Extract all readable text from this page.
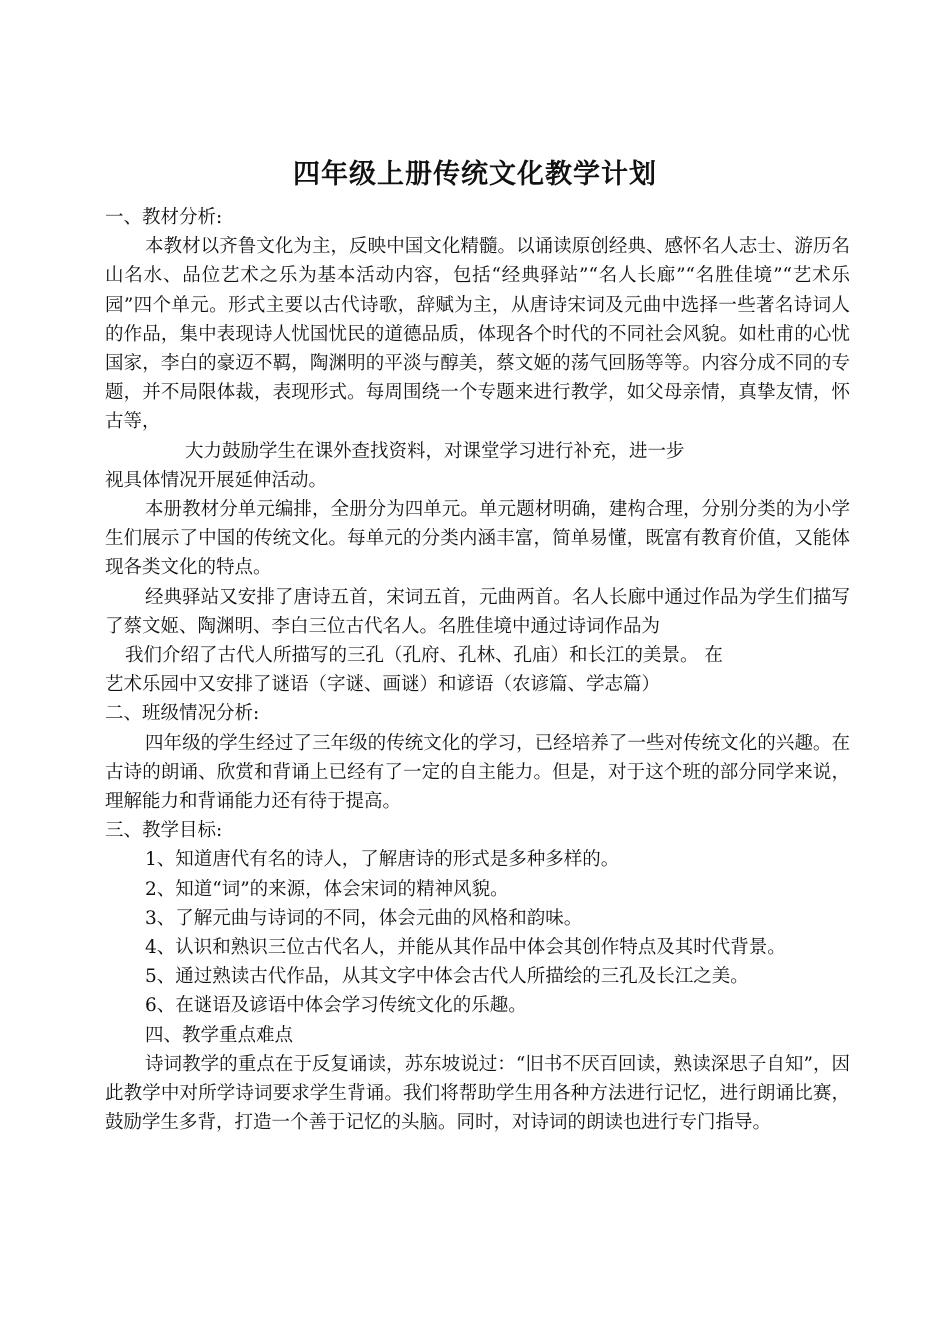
四年级上册传统文化教学计划

一、教材分析:

本教材以齐鲁文化为主，反映中国文化精髓。以诵读原创经典、感怀名人志士、游历名山名水、品位艺术之乐为基本活动内容，包括“经典驿站”“名人长廊”“名胜佳境”“艺术乐园”四个单元。形式主要以古代诗歌，辞赋为主，从唐诗宋词及元曲中选择一些著名诗词人的作品，集中表现诗人忧国忧民的道德品质，体现各个时代的不同社会风貌。如杜甫的心忧国家，李白的豪迈不羁，陶渊明的平淡与醇美，蔡文姬的荡气回肠等等。内容分成不同的专题，并不局限体裁，表现形式。每周围绕一个专题来进行教学，如父母亲情，真挚友情，怀古等，

大力鼓励学生在课外查找资料，对课堂学习进行补充，进一步

视具体情况开展延伸活动。

本册教材分单元编排，全册分为四单元。单元题材明确，建构合理，分别分类的为小学生们展示了中国的传统文化。每单元的分类内涵丰富，简单易懂，既富有教育价值，又能体现各类文化的特点。

经典驿站又安排了唐诗五首，宋词五首，元曲两首。名人长廊中通过作品为学生们描写了蔡文姬、陶渊明、李白三位古代名人。名胜佳境中通过诗词作品为

我们介绍了古代人所描写的三孔（孔府、孔林、孔庙）和长江的美景。 在

艺术乐园中又安排了谜语（字谜、画谜）和谚语（农谚篇、学志篇）

二、班级情况分析:

四年级的学生经过了三年级的传统文化的学习，已经培养了一些对传统文化的兴趣。在古诗的朗诵、欣赏和背诵上已经有了一定的自主能力。但是，对于这个班的部分同学来说，理解能力和背诵能力还有待于提高。

三、教学目标:

1、知道唐代有名的诗人，了解唐诗的形式是多种多样的。

2、知道“词”的来源，体会宋词的精神风貌。

3、了解元曲与诗词的不同，体会元曲的风格和韵味。

4、认识和熟识三位古代名人，并能从其作品中体会其创作特点及其时代背景。

5、通过熟读古代作品，从其文字中体会古代人所描绘的三孔及长江之美。

6、在谜语及谚语中体会学习传统文化的乐趣。

四、教学重点难点

诗词教学的重点在于反复诵读，苏东坡说过：“旧书不厌百回读，熟读深思子自知”，因此教学中对所学诗词要求学生背诵。我们将帮助学生用各种方法进行记忆，进行朗诵比赛，鼓励学生多背，打造一个善于记忆的头脑。同时，对诗词的朗读也进行专门指导。
